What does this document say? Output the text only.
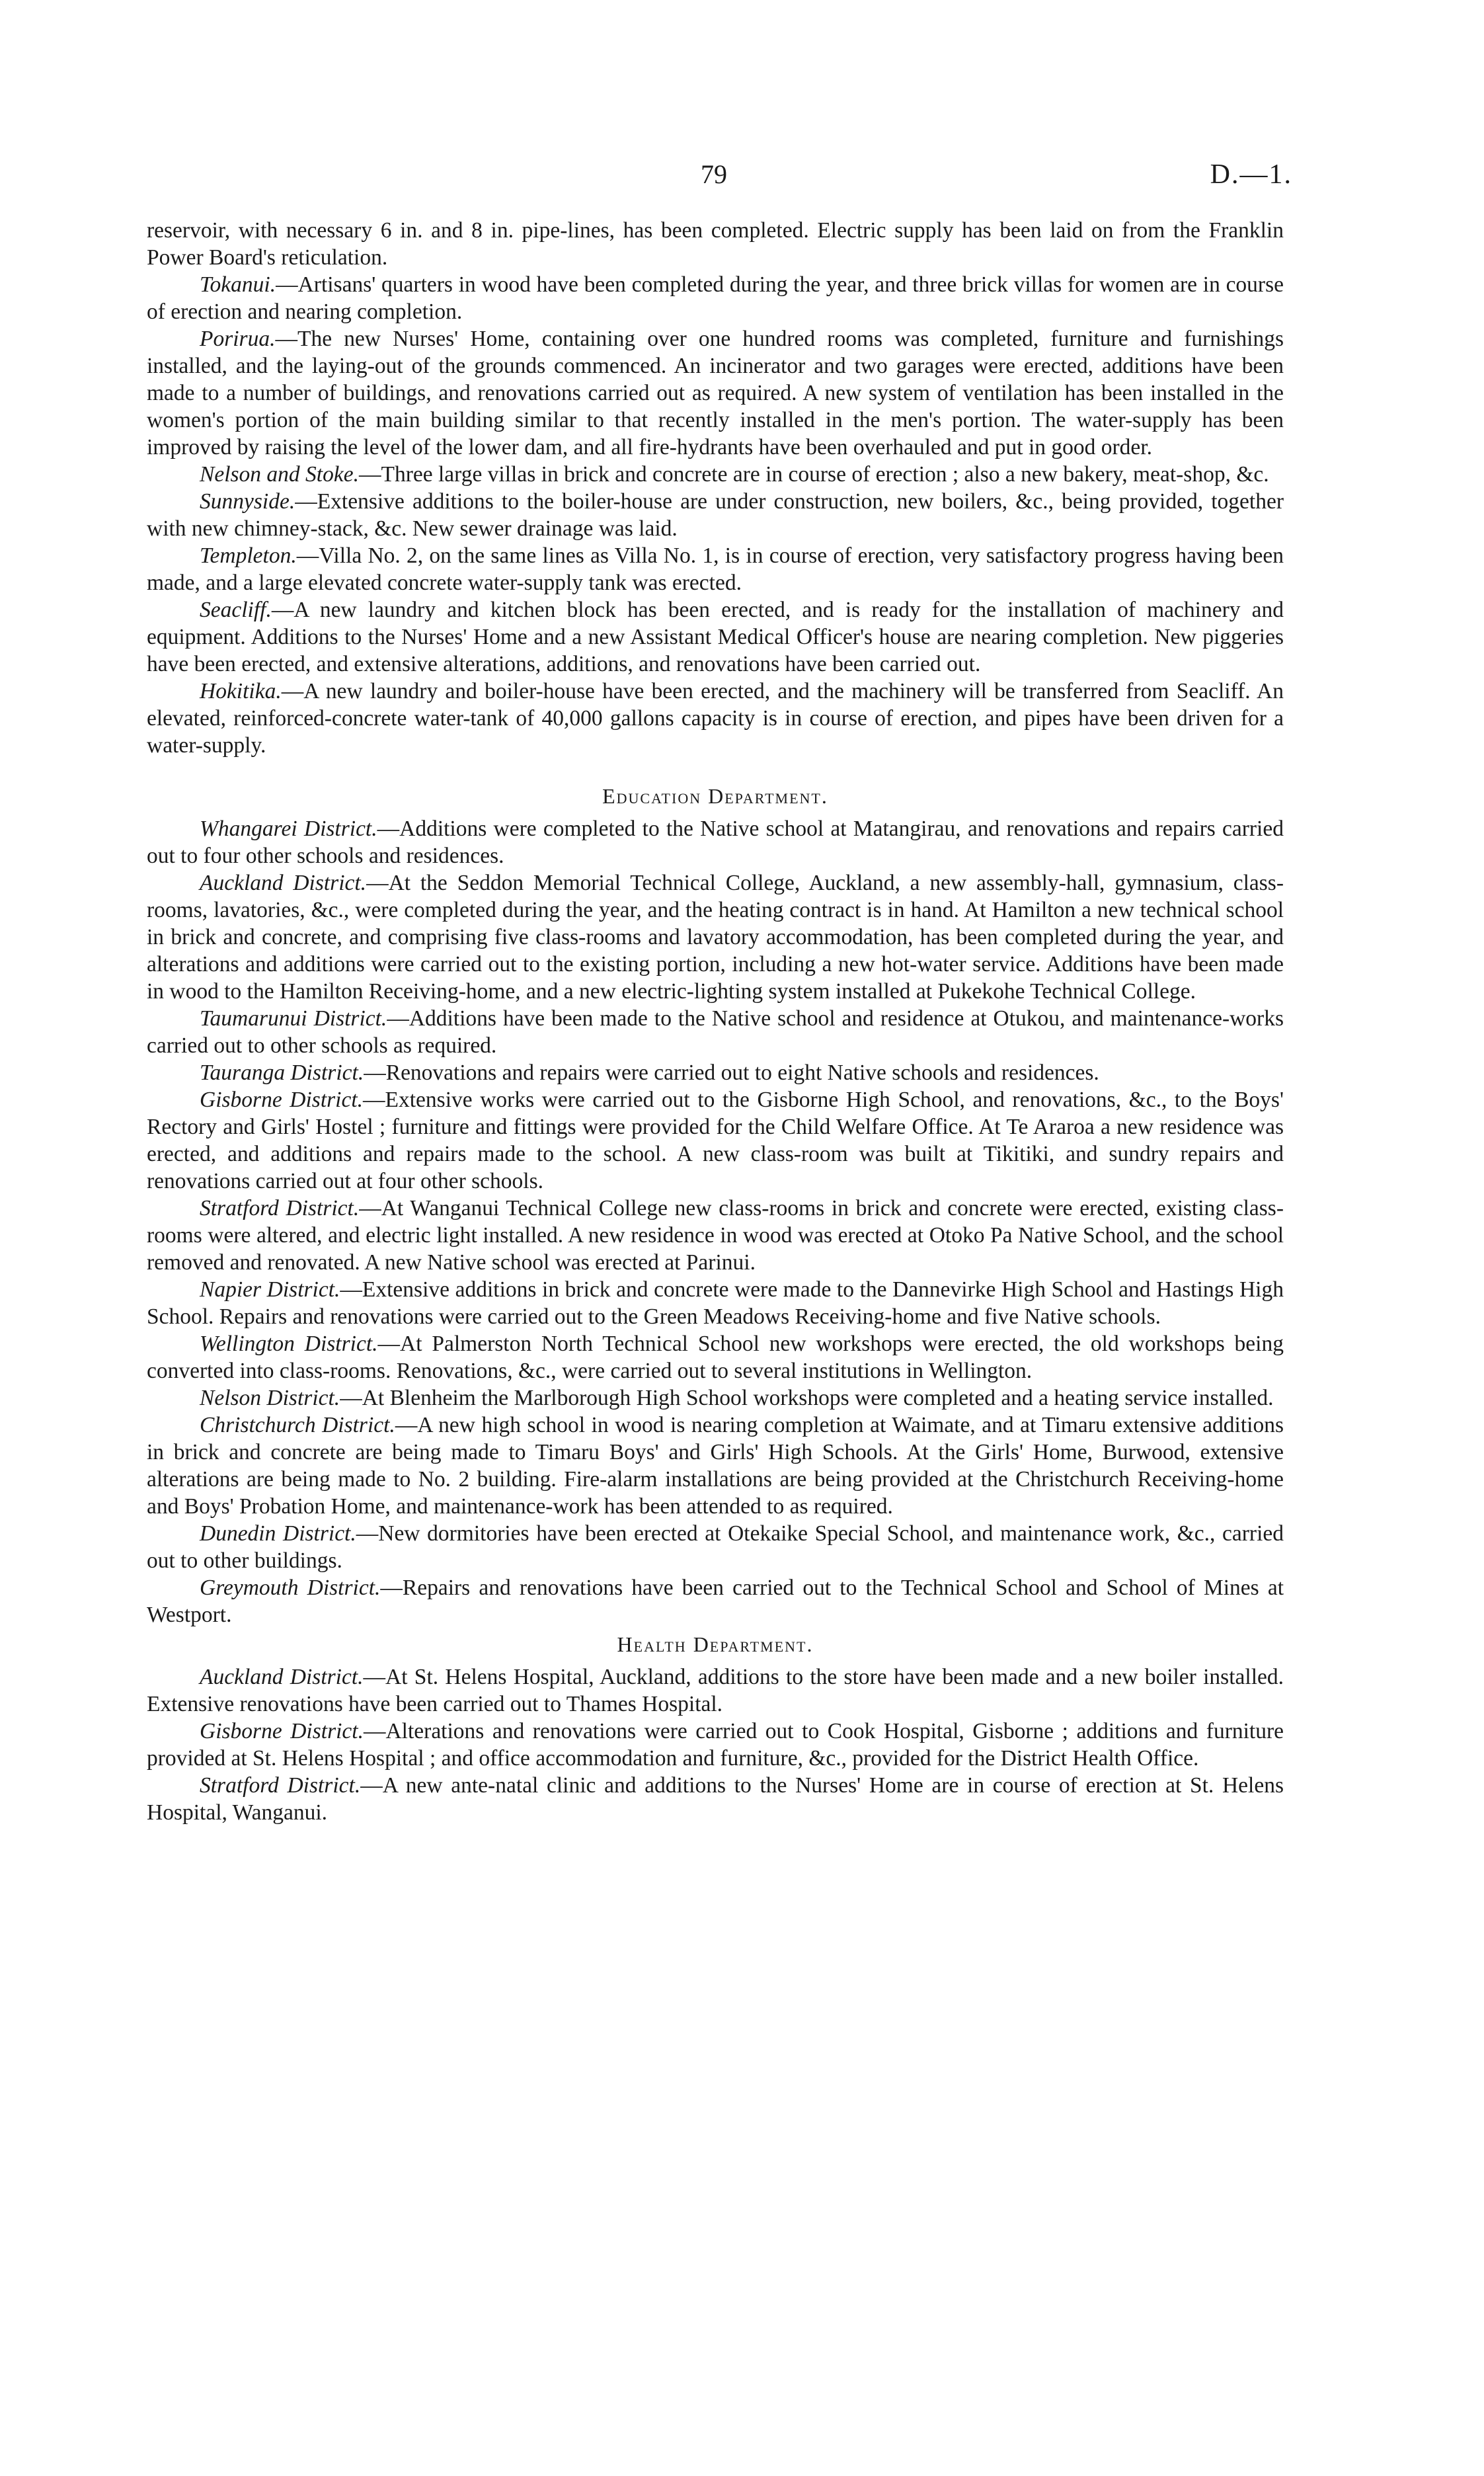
79	D.—1.

reservoir, with necessary 6 in. and 8 in. pipe-lines, has been completed. Electric supply has been laid on from the Franklin Power Board's reticulation.

Tokanui.—Artisans' quarters in wood have been completed during the year, and three brick villas for women are in course of erection and nearing completion.

Porirua.—The new Nurses' Home, containing over one hundred rooms was completed, furniture and furnishings installed, and the laying-out of the grounds commenced. An incinerator and two garages were erected, additions have been made to a number of buildings, and renovations carried out as required. A new system of ventilation has been installed in the women's portion of the main building similar to that recently installed in the men's portion. The water-supply has been improved by raising the level of the lower dam, and all fire-hydrants have been overhauled and put in good order.

Nelson and Stoke.—Three large villas in brick and concrete are in course of erection ; also a new bakery, meat-shop, &c.

Sunnyside.—Extensive additions to the boiler-house are under construction, new boilers, &c., being provided, together with new chimney-stack, &c. New sewer drainage was laid.

Templeton.—Villa No. 2, on the same lines as Villa No. 1, is in course of erection, very satisfactory progress having been made, and a large elevated concrete water-supply tank was erected.

Seacliff.—A new laundry and kitchen block has been erected, and is ready for the installation of machinery and equipment. Additions to the Nurses' Home and a new Assistant Medical Officer's house are nearing completion. New piggeries have been erected, and extensive alterations, additions, and renovations have been carried out.

Hokitika.—A new laundry and boiler-house have been erected, and the machinery will be transferred from Seacliff. An elevated, reinforced-concrete water-tank of 40,000 gallons capacity is in course of erection, and pipes have been driven for a water-supply.

Education Department.

Whangarei District.—Additions were completed to the Native school at Matangirau, and renovations and repairs carried out to four other schools and residences.

Auckland District.—At the Seddon Memorial Technical College, Auckland, a new assembly-hall, gymnasium, class-rooms, lavatories, &c., were completed during the year, and the heating contract is in hand. At Hamilton a new technical school in brick and concrete, and comprising five class-rooms and lavatory accommodation, has been completed during the year, and alterations and additions were carried out to the existing portion, including a new hot-water service. Additions have been made in wood to the Hamilton Receiving-home, and a new electric-lighting system installed at Pukekohe Technical College.

Taumarunui District.—Additions have been made to the Native school and residence at Otukou, and maintenance-works carried out to other schools as required.

Tauranga District.—Renovations and repairs were carried out to eight Native schools and residences.

Gisborne District.—Extensive works were carried out to the Gisborne High School, and renovations, &c., to the Boys' Rectory and Girls' Hostel ; furniture and fittings were provided for the Child Welfare Office. At Te Araroa a new residence was erected, and additions and repairs made to the school. A new class-room was built at Tikitiki, and sundry repairs and renovations carried out at four other schools.

Stratford District.—At Wanganui Technical College new class-rooms in brick and concrete were erected, existing class-rooms were altered, and electric light installed. A new residence in wood was erected at Otoko Pa Native School, and the school removed and renovated. A new Native school was erected at Parinui.

Napier District.—Extensive additions in brick and concrete were made to the Dannevirke High School and Hastings High School. Repairs and renovations were carried out to the Green Meadows Receiving-home and five Native schools.

Wellington District.—At Palmerston North Technical School new workshops were erected, the old workshops being converted into class-rooms. Renovations, &c., were carried out to several institutions in Wellington.

Nelson District.—At Blenheim the Marlborough High School workshops were completed and a heating service installed.

Christchurch District.—A new high school in wood is nearing completion at Waimate, and at Timaru extensive additions in brick and concrete are being made to Timaru Boys' and Girls' High Schools. At the Girls' Home, Burwood, extensive alterations are being made to No. 2 building. Fire-alarm installations are being provided at the Christchurch Receiving-home and Boys' Probation Home, and maintenance-work has been attended to as required.

Dunedin District.—New dormitories have been erected at Otekaike Special School, and maintenance work, &c., carried out to other buildings.

Greymouth District.—Repairs and renovations have been carried out to the Technical School and School of Mines at Westport.

Health Department.

Auckland District.—At St. Helens Hospital, Auckland, additions to the store have been made and a new boiler installed. Extensive renovations have been carried out to Thames Hospital.

Gisborne District.—Alterations and renovations were carried out to Cook Hospital, Gisborne ; additions and furniture provided at St. Helens Hospital ; and office accommodation and furniture, &c., provided for the District Health Office.

Stratford District.—A new ante-natal clinic and additions to the Nurses' Home are in course of erection at St. Helens Hospital, Wanganui.
